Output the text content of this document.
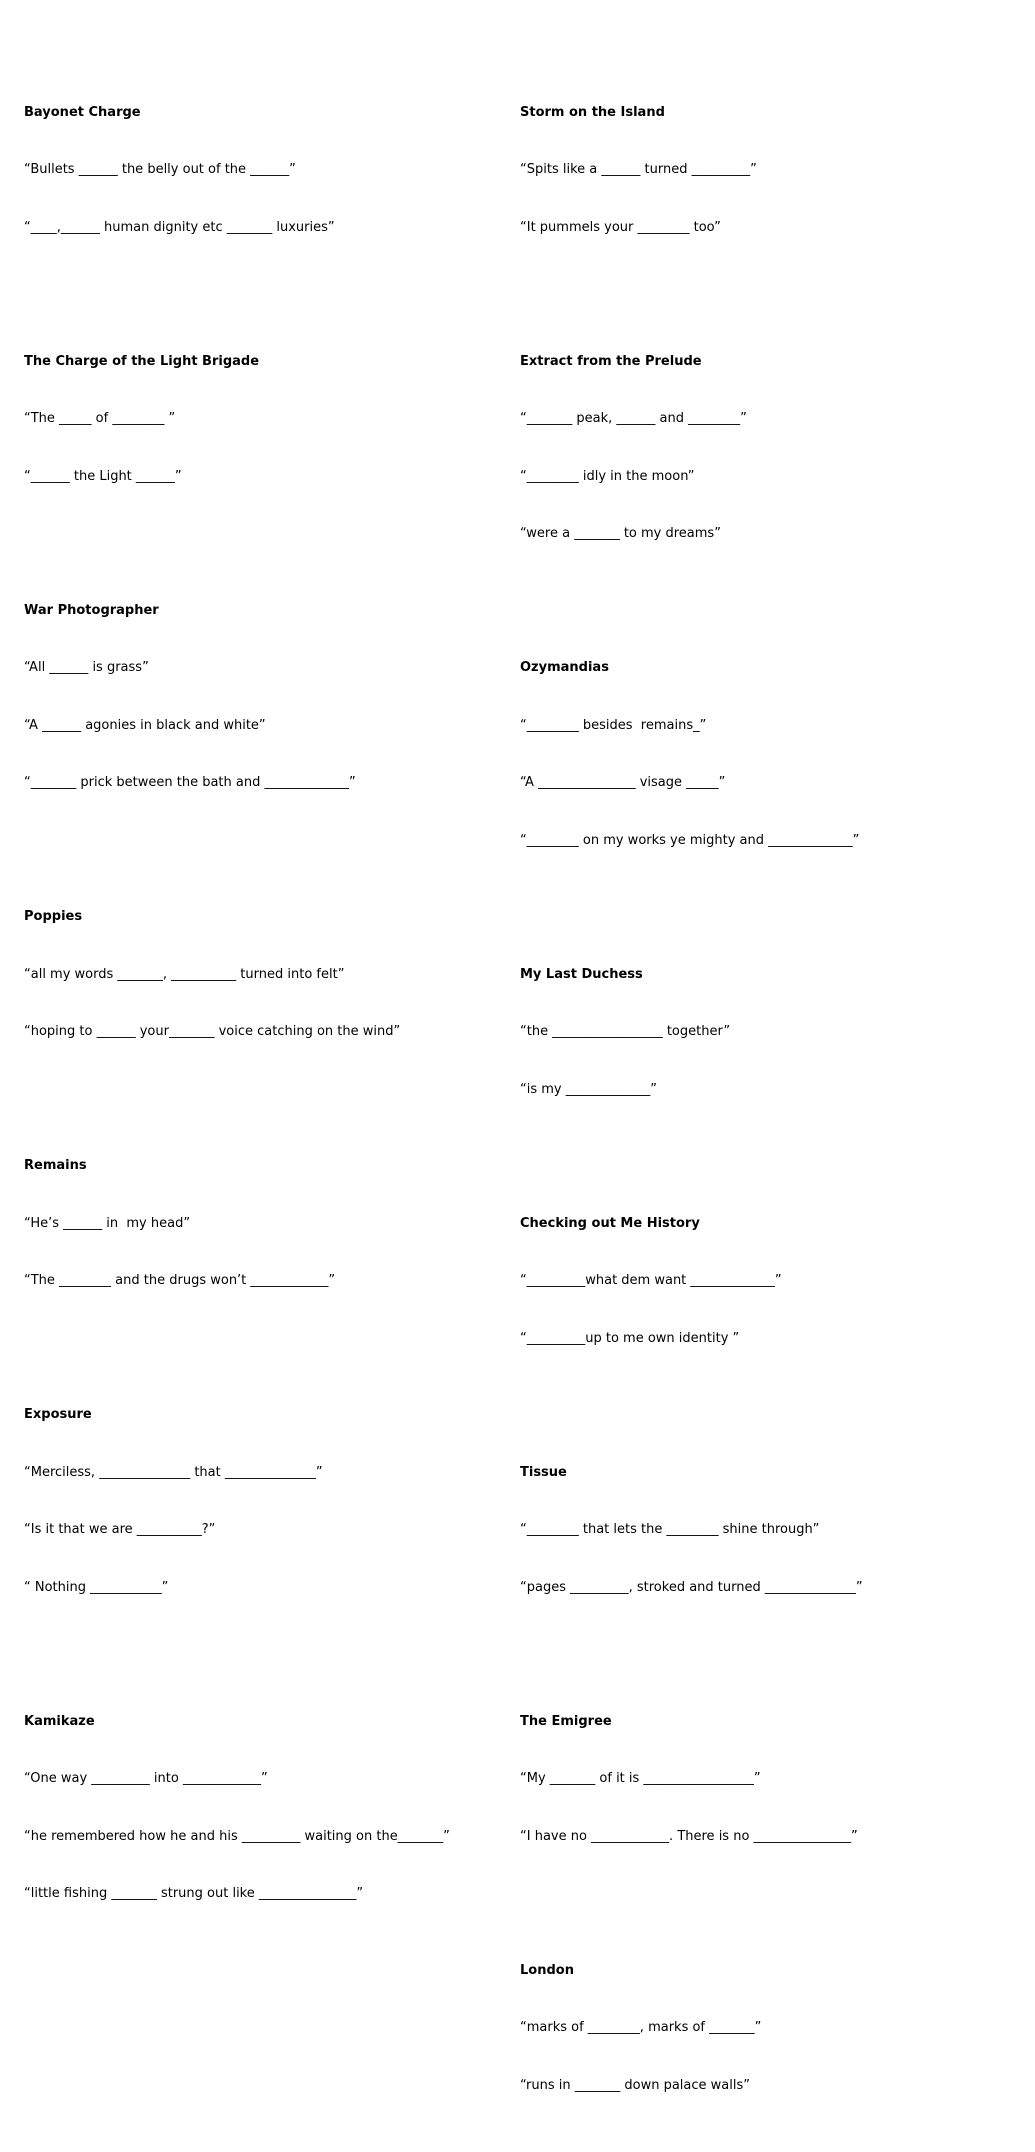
Bayonet Charge

“Bullets ______ the belly out of the ______”

“____,______ human dignity etc _______ luxuries”

The Charge of the Light Brigade

“The _____ of ________ ”

“______ the Light ______”

War Photographer

“All ______ is grass”

“A ______ agonies in black and white”

“_______ prick between the bath and _____________”

Poppies

“all my words _______, __________ turned into felt”

“hoping to ______ your_______ voice catching on the wind”

Remains

“He’s ______ in  my head”

“The ________ and the drugs won’t ____________”

Exposure

“Merciless, ______________ that ______________”

“Is it that we are __________?”

“ Nothing ___________”

Kamikaze

“One way _________ into ____________”

“he remembered how he and his _________ waiting on the_______”

“little fishing _______ strung out like _______________”

Storm on the Island

“Spits like a ______ turned _________”

“It pummels your ________ too”

Extract from the Prelude

“_______ peak, ______ and ________”

“________ idly in the moon”

“were a _______ to my dreams”

Ozymandias

“________ besides  remains_”

“A _______________ visage _____”

“________ on my works ye mighty and _____________”

My Last Duchess

“the _________________ together”

“is my _____________”

Checking out Me History

“_________what dem want _____________”

“_________up to me own identity ”

Tissue

“________ that lets the ________ shine through”

“pages _________, stroked and turned ______________”

The Emigree

“My _______ of it is _________________”

“I have no ____________. There is no _______________”

London

“marks of ________, marks of _______”

“runs in _______ down palace walls”
